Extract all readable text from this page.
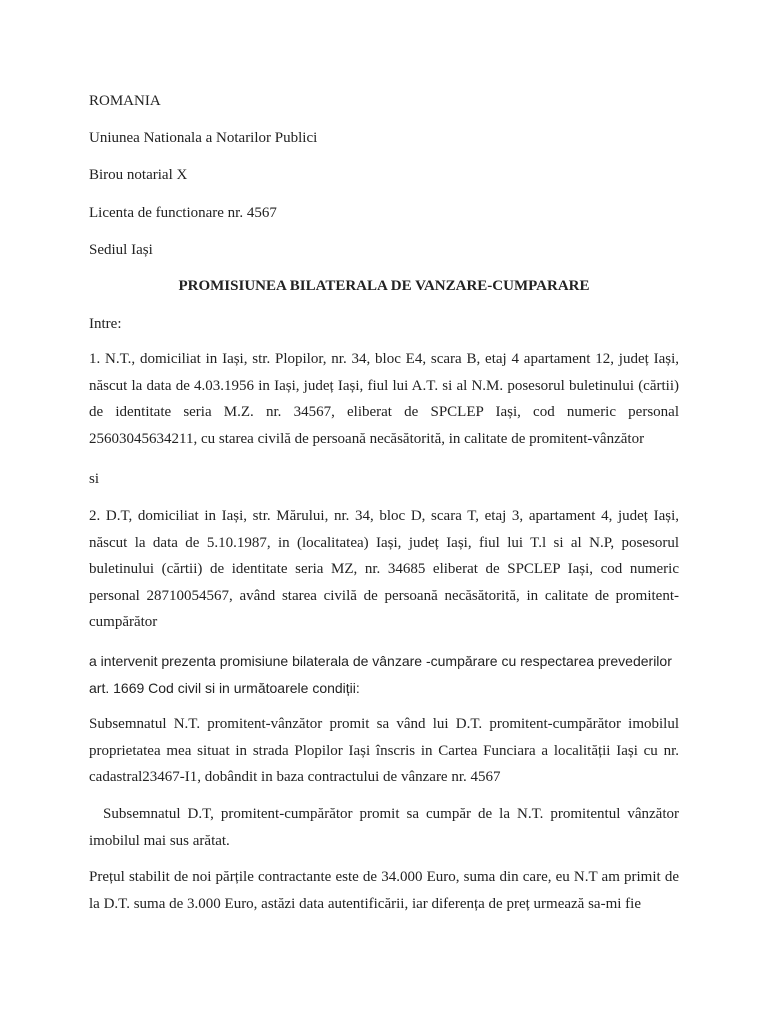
ROMANIA
Uniunea Nationala a Notarilor Publici
Birou notarial X
Licenta de functionare nr. 4567
Sediul Iași
PROMISIUNEA BILATERALA DE VANZARE-CUMPARARE
Intre:
1. N.T., domiciliat in Iași, str. Plopilor, nr. 34, bloc E4, scara B, etaj 4 apartament 12, județ Iași, născut la data de 4.03.1956 in Iași, județ Iași, fiul lui A.T. si al N.M. posesorul buletinului (cărtii) de identitate seria M.Z. nr. 34567, eliberat de SPCLEP Iași, cod numeric personal 25603045634211, cu starea civilă de persoană necăsătorită, in calitate de promitent-vânzător
si
2. D.T, domiciliat in Iași, str. Mărului, nr. 34, bloc D, scara T, etaj 3, apartament 4, județ Iași, născut la data de 5.10.1987, in (localitatea) Iași, județ Iași, fiul lui T.l si al N.P, posesorul buletinului (cărtii) de identitate seria MZ, nr. 34685 eliberat de SPCLEP Iași, cod numeric personal 28710054567, având starea civilă de persoană necăsătorită, in calitate de promitent-cumpărător
a intervenit prezenta promisiune bilaterala de vânzare -cumpărare cu respectarea prevederilor art. 1669 Cod civil si in următoarele condiții:
Subsemnatul N.T. promitent-vânzător promit sa vând lui D.T. promitent-cumpărător imobilul proprietatea mea situat in strada Plopilor Iași înscris in Cartea Funciara a localității Iași cu nr. cadastral23467-I1, dobândit in baza contractului de vânzare nr. 4567
Subsemnatul D.T, promitent-cumpărător promit sa cumpăr de la N.T. promitentul vânzător imobilul mai sus arătat.
Prețul stabilit de noi părțile contractante este de 34.000 Euro, suma din care, eu N.T am primit de la D.T. suma de 3.000 Euro, astăzi data autentificării, iar diferența de preț urmează sa-mi fie
